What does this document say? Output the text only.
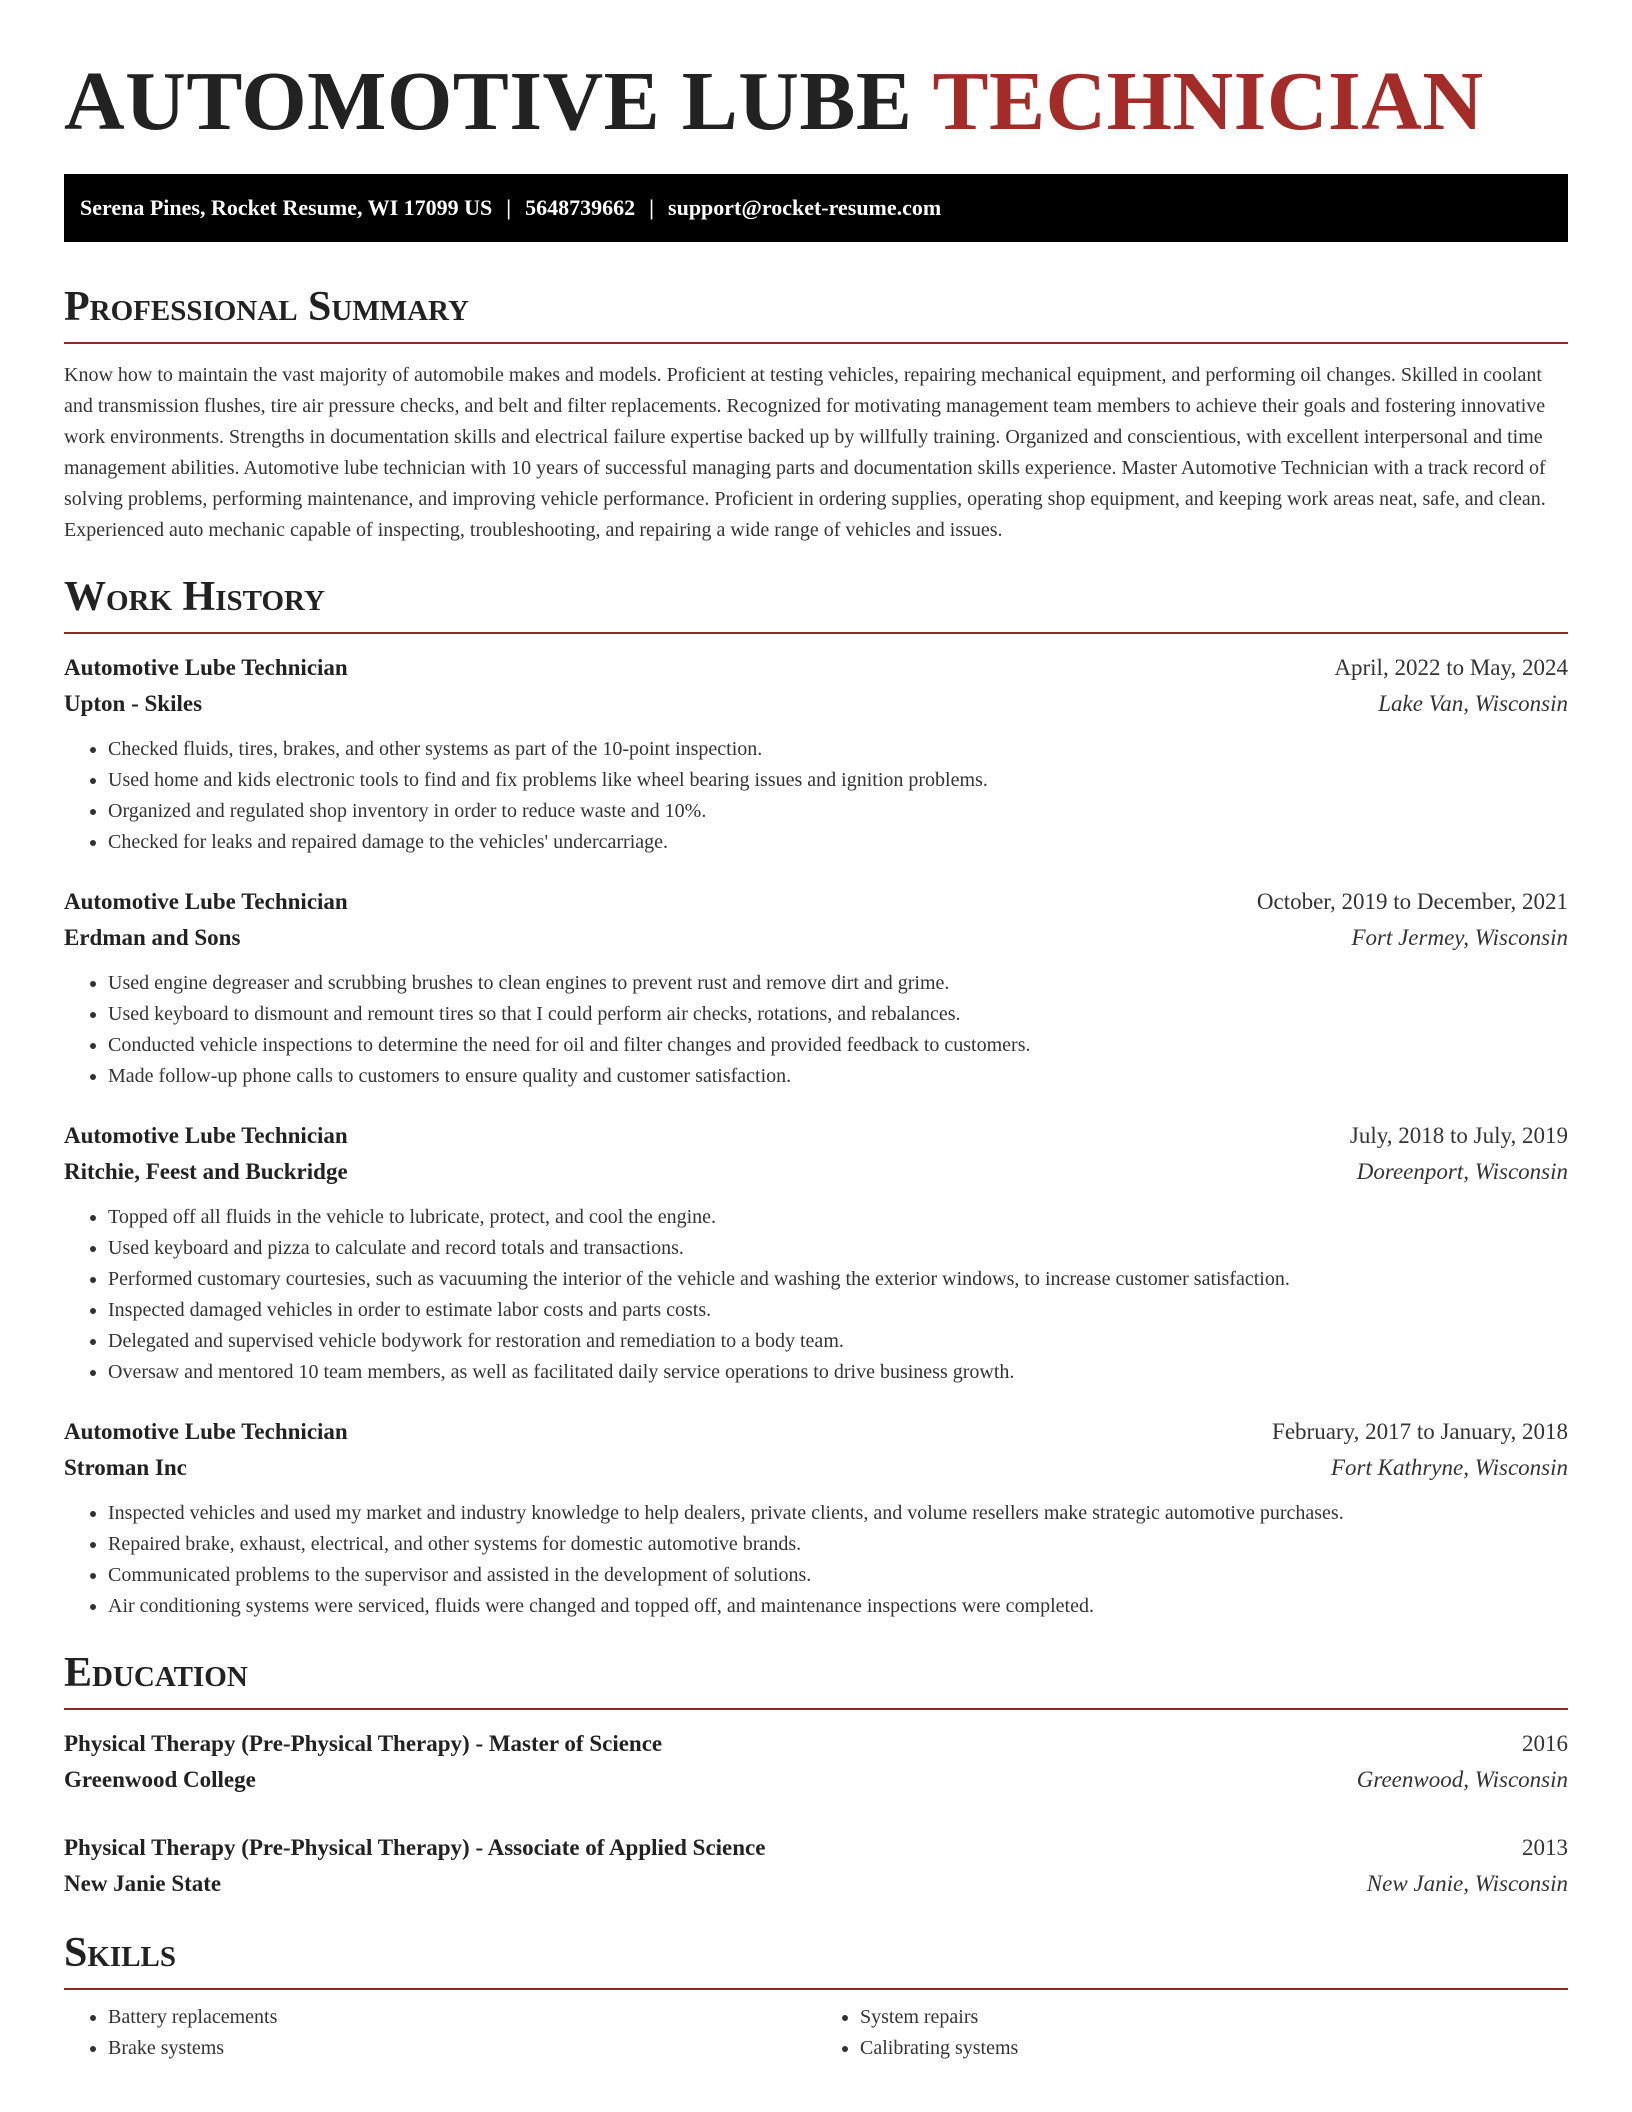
AUTOMOTIVE LUBE TECHNICIAN
Serena Pines, Rocket Resume, WI 17099 US | 5648739662 | support@rocket-resume.com
Professional Summary

Know how to maintain the vast majority of automobile makes and models. Proficient at testing vehicles, repairing mechanical equipment, and performing oil changes. Skilled in coolant and transmission flushes, tire air pressure checks, and belt and filter replacements. Recognized for motivating management team members to achieve their goals and fostering innovative work environments. Strengths in documentation skills and electrical failure expertise backed up by willfully training. Organized and conscientious, with excellent interpersonal and time management abilities. Automotive lube technician with 10 years of successful managing parts and documentation skills experience. Master Automotive Technician with a track record of solving problems, performing maintenance, and improving vehicle performance. Proficient in ordering supplies, operating shop equipment, and keeping work areas neat, safe, and clean. Experienced auto mechanic capable of inspecting, troubleshooting, and repairing a wide range of vehicles and issues.

Work History
Automotive Lube Technician	April, 2022 to May, 2024
Upton - Skiles	Lake Van, Wisconsin
• Checked fluids, tires, brakes, and other systems as part of the 10-point inspection.
• Used home and kids electronic tools to find and fix problems like wheel bearing issues and ignition problems.
• Organized and regulated shop inventory in order to reduce waste and 10%.
• Checked for leaks and repaired damage to the vehicles' undercarriage.
Automotive Lube Technician	October, 2019 to December, 2021
Erdman and Sons	Fort Jermey, Wisconsin
• Used engine degreaser and scrubbing brushes to clean engines to prevent rust and remove dirt and grime.
• Used keyboard to dismount and remount tires so that I could perform air checks, rotations, and rebalances.
• Conducted vehicle inspections to determine the need for oil and filter changes and provided feedback to customers.
• Made follow-up phone calls to customers to ensure quality and customer satisfaction.
Automotive Lube Technician	July, 2018 to July, 2019
Ritchie, Feest and Buckridge	Doreenport, Wisconsin
• Topped off all fluids in the vehicle to lubricate, protect, and cool the engine.
• Used keyboard and pizza to calculate and record totals and transactions.
• Performed customary courtesies, such as vacuuming the interior of the vehicle and washing the exterior windows, to increase customer satisfaction.
• Inspected damaged vehicles in order to estimate labor costs and parts costs.
• Delegated and supervised vehicle bodywork for restoration and remediation to a body team.
• Oversaw and mentored 10 team members, as well as facilitated daily service operations to drive business growth.
Automotive Lube Technician	February, 2017 to January, 2018
Stroman Inc	Fort Kathryne, Wisconsin
• Inspected vehicles and used my market and industry knowledge to help dealers, private clients, and volume resellers make strategic automotive purchases.
• Repaired brake, exhaust, electrical, and other systems for domestic automotive brands.
• Communicated problems to the supervisor and assisted in the development of solutions.
• Air conditioning systems were serviced, fluids were changed and topped off, and maintenance inspections were completed.
Education
Physical Therapy (Pre-Physical Therapy) - Master of Science	2016
Greenwood College	Greenwood, Wisconsin
Physical Therapy (Pre-Physical Therapy) - Associate of Applied Science	2013
New Janie State	New Janie, Wisconsin
Skills
• Battery replacements
• Brake systems
• System repairs
• Calibrating systems
